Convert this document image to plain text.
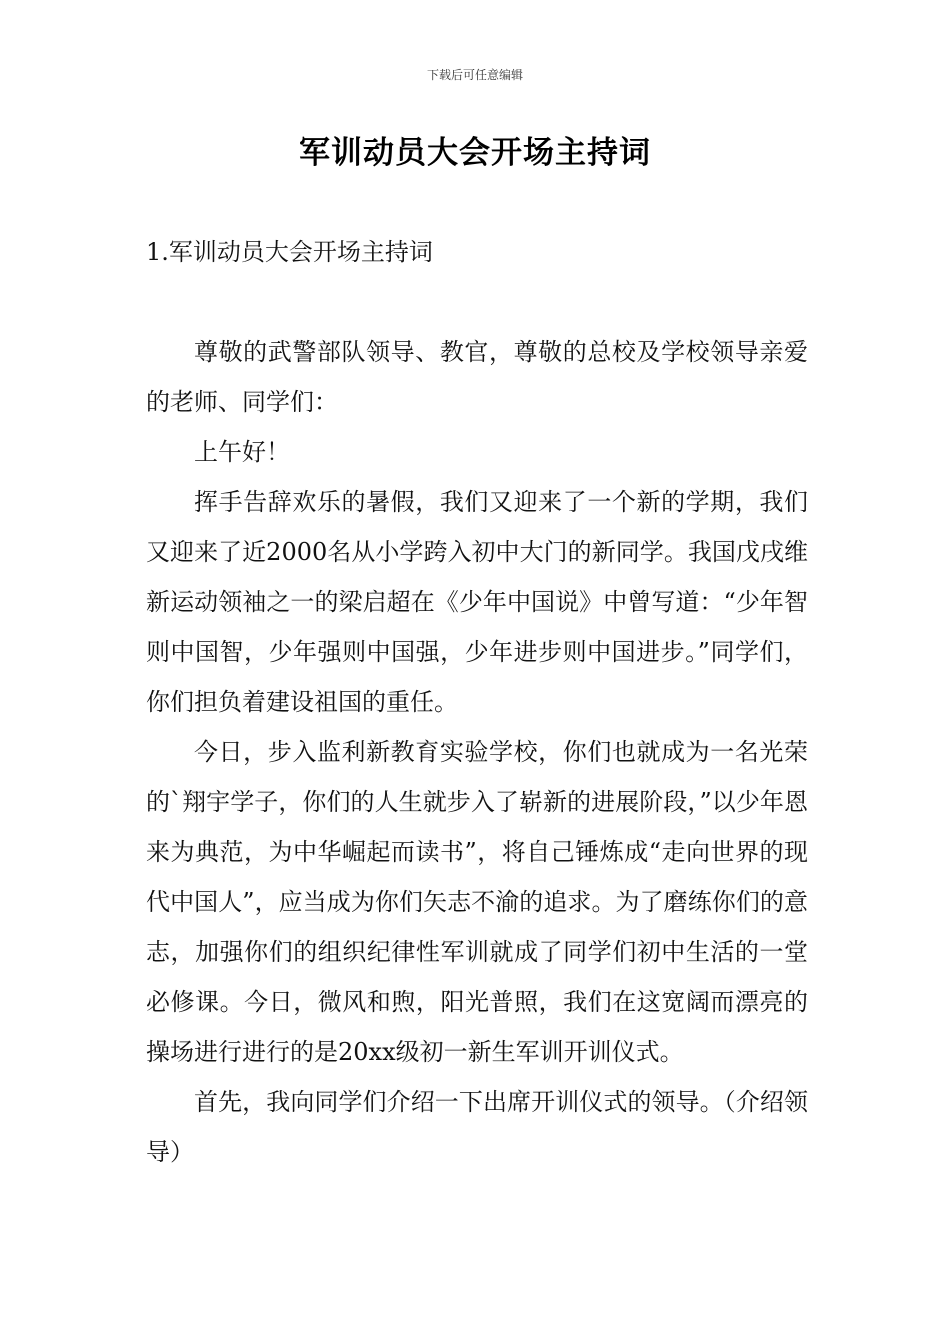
下载后可任意编辑
军训动员大会开场主持词
1.军训动员大会开场主持词

尊敬的武警部队领导、教官，尊敬的总校及学校领导亲爱的老师、同学们：

上午好！

挥手告辞欢乐的暑假，我们又迎来了一个新的学期，我们又迎来了近2000名从小学跨入初中大门的新同学。我国戊戌维新运动领袖之一的梁启超在《少年中国说》中曾写道：“少年智则中国智，少年强则中国强，少年进步则中国进步。”同学们，你们担负着建设祖国的重任。

今日，步入监利新教育实验学校，你们也就成为一名光荣的`翔宇学子，你们的人生就步入了崭新的进展阶段，”以少年恩来为典范，为中华崛起而读书”，将自己锤炼成“走向世界的现代中国人”，应当成为你们矢志不渝的追求。为了磨练你们的意志，加强你们的组织纪律性军训就成了同学们初中生活的一堂必修课。今日，微风和煦，阳光普照，我们在这宽阔而漂亮的操场进行进行的是20xx级初一新生军训开训仪式。

首先，我向同学们介绍一下出席开训仪式的领导。（介绍领导）
